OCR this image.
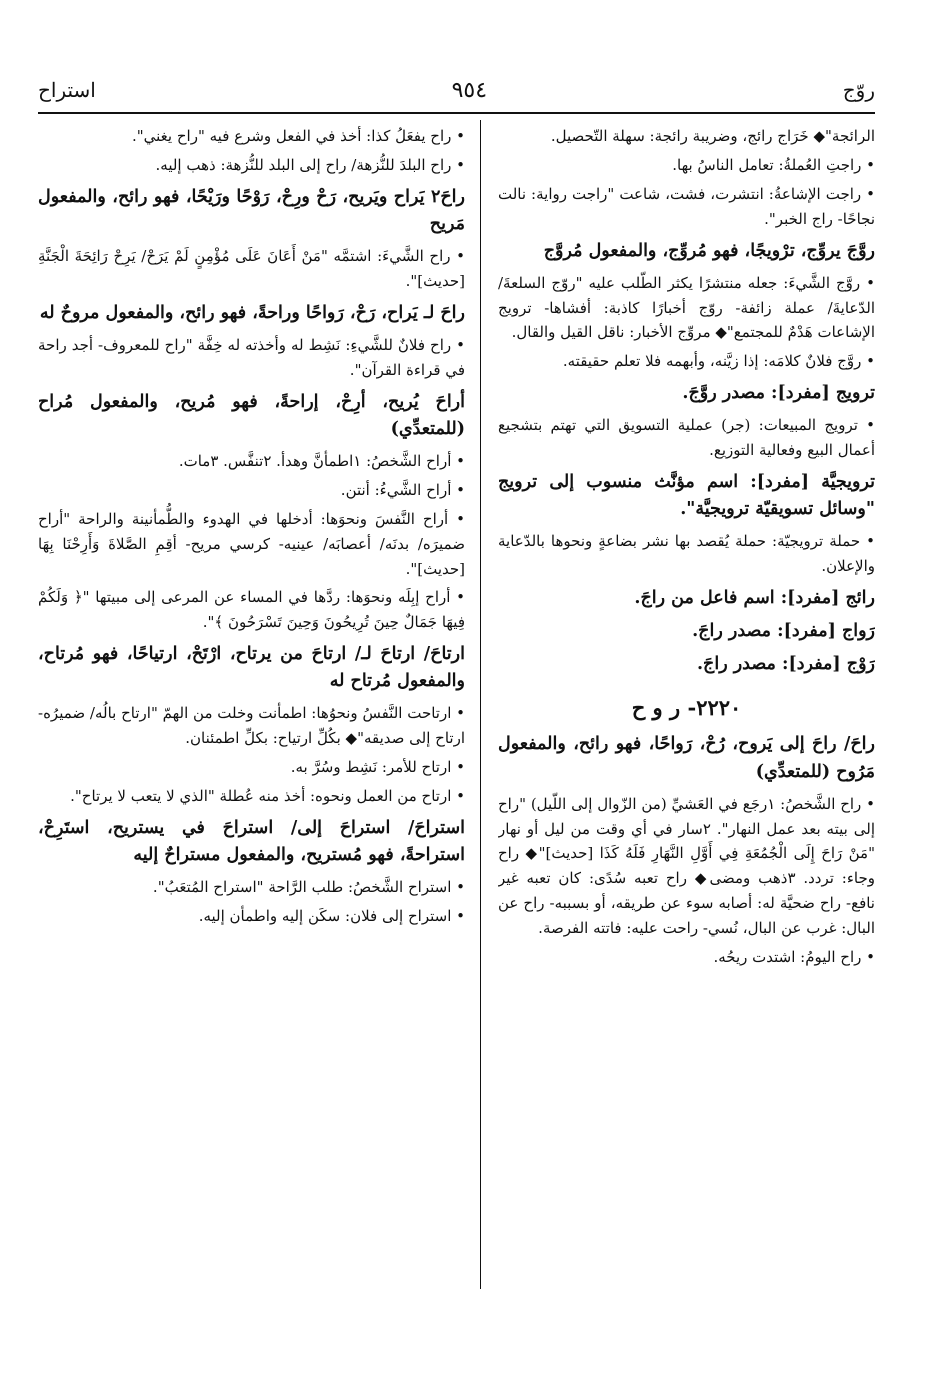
روّج
٩٥٤
استراح

الرائجة"◆ خَرَاج رائج، وضريبة رائجة: سهلة التّحصيل.

• راجتِ العُملةُ: تعامل الناسُ بها.

• راجت الإشاعةُ: انتشرت، فشت، شاعت "راجت رواية: نالت نجاحًا- راج الخبر".

روَّجَ يروِّج، ترْويجًا، فهو مُروِّج، والمفعول مُروَّج

• روَّج الشَّيءَ: جعله منتشرًا يكثر الطّلب عليه "روّج السلعةَ/ الدّعايةَ/ عملة زائفة- روّج أخبارًا كاذبة: أفشاها- ترويج الإشاعات هَدْمٌ للمجتمع"◆ مروِّج الأخبار: ناقل القيل والقال.

• روَّج فلانٌ كلامَه: إذا زيَّنه، وأبهمه فلا تعلم حقيقته.

ترويج [مفرد]: مصدر روَّجَ.

• ترويج المبيعات: (جر) عملية التسويق التي تهتم بتشجيع أعمال البيع وفعالية التوزيع.

ترويجيَّة [مفرد]: اسم مؤنَّث منسوب إلى ترويج "وسائل تسويقيّة ترويجيَّة".

• حملة ترويجيّة: حملة يُقصد بها نشر بضاعةٍ ونحوها بالدّعاية والإعلان.

رائج [مفرد]: اسم فاعل من راجَ.

رَواج [مفرد]: مصدر راجَ.

رَوْج [مفرد]: مصدر راجَ.

٢٢٢٠- ر و ح

راحَ/ راحَ إلى يَروح، رُحْ، رَواحًا، فهو رائح، والمفعول مَرُوح (للمتعدِّي)

• راح الشَّخصُ: ١رجَع في العَشيِّ (من الزّوال إلى اللّيل) "راح إلى بيته بعد عمل النهار". ٢سار في أي وقت من ليل أو نهار "مَنْ رَاحَ إِلَى الْجُمُعَةِ فِي أَوَّلِ النَّهَارِ فَلَهُ كَذَا [حديث]"◆ راح وجاء: تردد. ٣ذهب ومضى◆ راح تعبه سُدًى: كان تعبه غير نافع- راح ضحيَّة له: أصابه سوء عن طريقه، أو بسببه- راح عن البال: غرب عن البال، نُسي- راحت عليه: فاتته الفرصة.

• راح اليومُ: اشتدت ريحُه.

• راح يفعَلُ كذا: أخذ في الفعل وشرع فيه "راح يغني".

• راح البلدَ للنُّزهة/ راح إلى البلد للنُّزهة: ذهب إليه.

راحَ٢ يَراح ويَريح، رَحْ ورِحْ، رَوْحًا ورَيْحًا، فهو رائح، والمفعول مَريح

• راح الشَّيءَ: اشتمَّه "مَنْ أَعَانَ عَلَى مُؤْمِنٍ لَمْ يَرَحْ/ يَرِحْ رَائِحَةَ الْجَنَّةِ [حديث]".

راحَ لـ يَراح، رَحْ، رَواحًا وراحةً، فهو رائح، والمفعول مروحٌ له

• راح فلانٌ للشَّيءِ: نَشِط له وأخذته له خِفَّة "راح للمعروف- أجد راحة في قراءة القرآن".

أراحَ يُريح، أرِحْ، إراحةً، فهو مُريح، والمفعول مُراح (للمتعدِّي)

• أراح الشَّخصُ: ١اطمأنَّ وهدأ. ٢تنفَّس. ٣مات.

• أراح الشَّيءُ: أنتن.

• أراح النَّفسَ ونحوَها: أدخلها في الهدوء والطُّمأنينة والراحة "أراح ضميرَه/ بدنَه/ أعصابَه/ عينيه- كرسي مريح- أقِمِ الصَّلاةَ وَأَرِحْنَا بِهَا [حديث]".

• أراح إبِلَه ونحوَها: ردَّها في المساء عن المرعى إلى مبيتها "﴿ وَلَكُمْ فِيهَا جَمَالٌ حِينَ تُرِيحُونَ وَحِينَ تَسْرَحُونَ ﴾".

ارتاحَ/ ارتاحَ لـ/ ارتاحَ من يرتاح، ارْتَحْ، ارتياحًا، فهو مُرتاح، والمفعول مُرتاح له

• ارتاحت النَّفسُ ونحوُها: اطمأنت وخلت من الهمّ "ارتاح بالُه/ ضميرُه- ارتاح إلى صديقه"◆ بكُلِّ ارتياح: بكلِّ اطمئنان.

• ارتاح للأمر: نَشِط وسُرَّ به.

• ارتاح من العمل ونحوه: أخذ منه عُطلة "الذي لا يتعب لا يرتاح".

استراحَ/ استراحَ إلى/ استراحَ في يستريح، استَرِحْ، استراحةً، فهو مُستريح، والمفعول مستراحٌ إليه

• استراح الشَّخصُ: طلب الرَّاحة "استراح المُتعَبُ".

• استراح إلى فلان: سكَن إليه واطمأن إليه.
